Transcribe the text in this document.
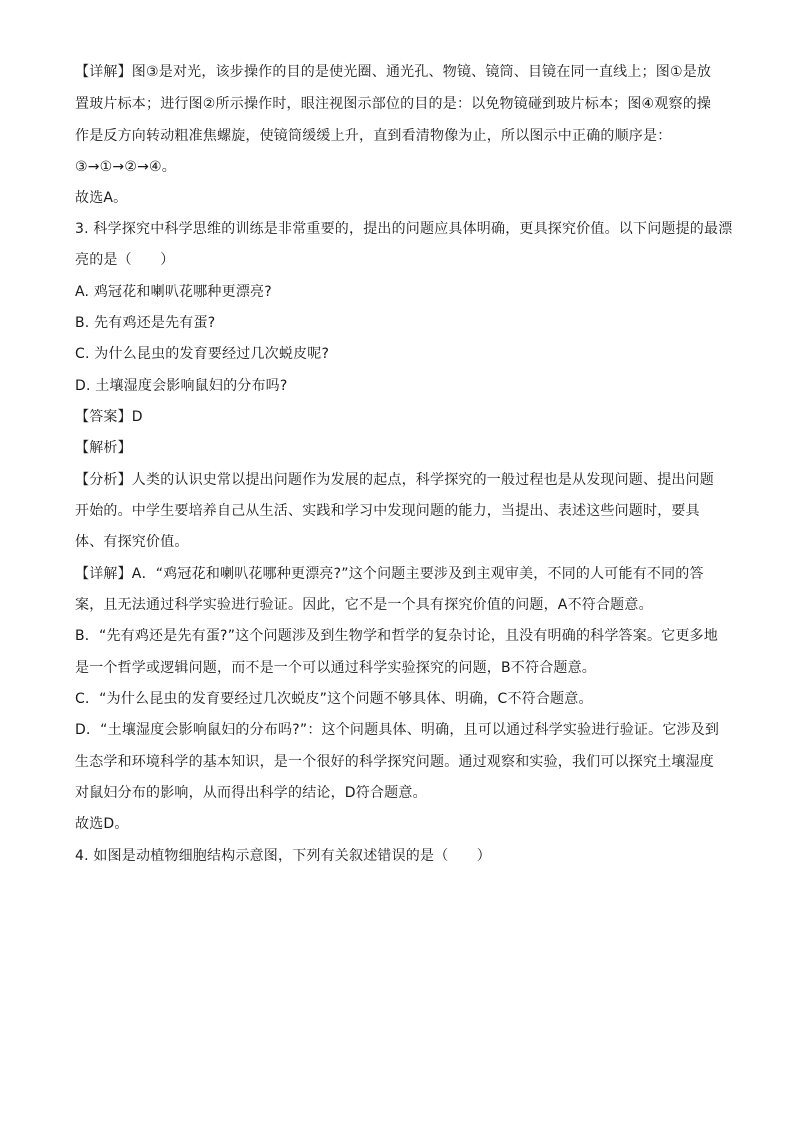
【详解】图③是对光，该步操作的目的是使光圈、通光孔、物镜、镜筒、目镜在同一直线上；图①是放
置玻片标本；进行图②所示操作时，眼注视图示部位的目的是：以免物镜碰到玻片标本；图④观察的操
作是反方向转动粗准焦螺旋，使镜筒缓缓上升，直到看清物像为止，所以图示中正确的顺序是：
③→①→②→④。
故选A。
3. 科学探究中科学思维的训练是非常重要的，提出的问题应具体明确，更具探究价值。以下问题提的最漂
亮的是（　　）
A. 鸡冠花和喇叭花哪种更漂亮?
B. 先有鸡还是先有蛋?
C. 为什么昆虫的发育要经过几次蜕皮呢?
D. 土壤湿度会影响鼠妇的分布吗?
【答案】D
【解析】
【分析】人类的认识史常以提出问题作为发展的起点，科学探究的一般过程也是从发现问题、提出问题
开始的。中学生要培养自己从生活、实践和学习中发现问题的能力，当提出、表述这些问题时，要具
体、有探究价值。
【详解】A．“鸡冠花和喇叭花哪种更漂亮?”这个问题主要涉及到主观审美，不同的人可能有不同的答
案，且无法通过科学实验进行验证。因此，它不是一个具有探究价值的问题，A不符合题意。
B．“先有鸡还是先有蛋?”这个问题涉及到生物学和哲学的复杂讨论，且没有明确的科学答案。它更多地
是一个哲学或逻辑问题，而不是一个可以通过科学实验探究的问题，B不符合题意。
C．“为什么昆虫的发育要经过几次蜕皮”这个问题不够具体、明确，C不符合题意。
D．“土壤湿度会影响鼠妇的分布吗?”：这个问题具体、明确，且可以通过科学实验进行验证。它涉及到
生态学和环境科学的基本知识，是一个很好的科学探究问题。通过观察和实验，我们可以探究土壤湿度
对鼠妇分布的影响，从而得出科学的结论，D符合题意。
故选D。
4. 如图是动植物细胞结构示意图，下列有关叙述错误的是（　　）
